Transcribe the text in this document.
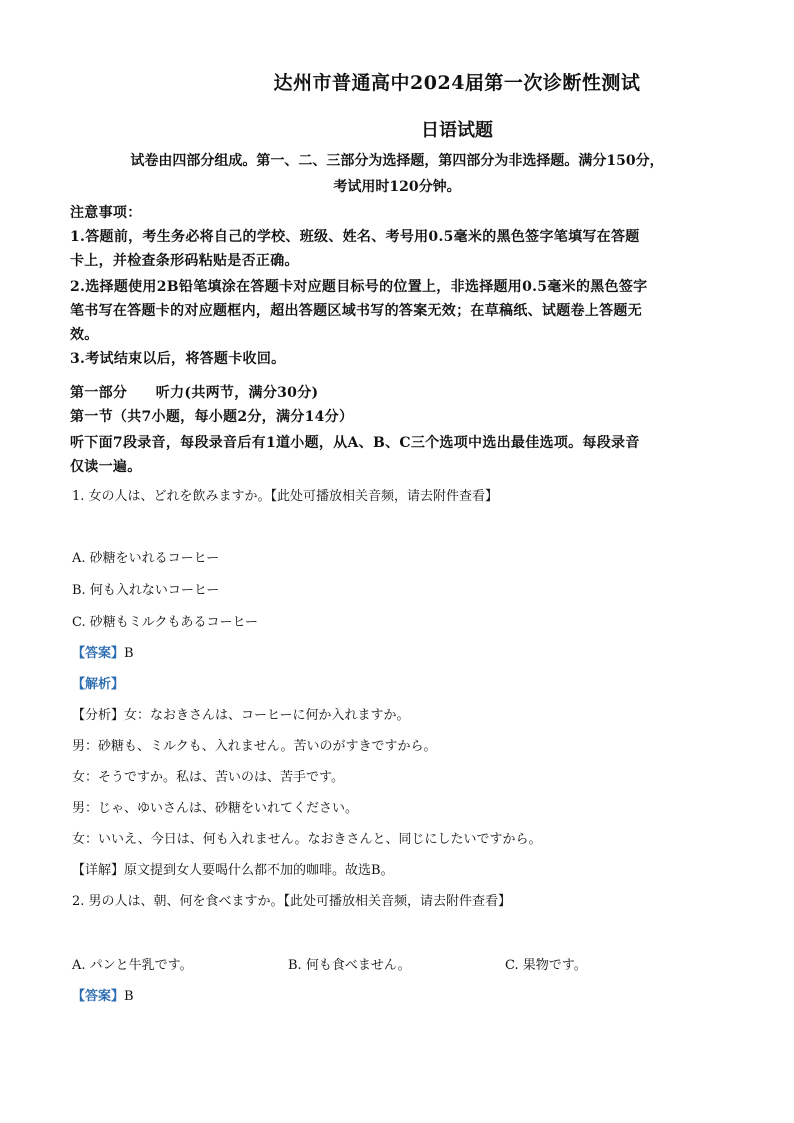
达州市普通高中2024届第一次诊断性测试
日语试题
试卷由四部分组成。第一、二、三部分为选择题，第四部分为非选择题。满分150分，
考试用时120分钟。
注意事项：
1.答题前，考生务必将自己的学校、班级、姓名、考号用0.5毫米的黑色签字笔填写在答题
卡上，并检查条形码粘贴是否正确。
2.选择题使用2B铅笔填涂在答题卡对应题目标号的位置上，非选择题用0.5毫米的黑色签字
笔书写在答题卡的对应题框内，超出答题区域书写的答案无效；在草稿纸、试题卷上答题无
效。
3.考试结束以后，将答题卡收回。
第一部分　　听力(共两节，满分30分)
第一节（共7小题，每小题2分，满分14分）
听下面7段录音，每段录音后有1道小题，从A、B、C三个选项中选出最佳选项。每段录音
仅读一遍。
1. 女の人は、どれを飲みますか。【此处可播放相关音频，请去附件查看】
A. 砂糖をいれるコーヒー
B. 何も入れないコーヒー
C. 砂糖もミルクもあるコーヒー
【答案】B
【解析】
【分析】女：なおきさんは、コーヒーに何か入れますか。
男：砂糖も、ミルクも、入れません。苦いのがすきですから。
女：そうですか。私は、苦いのは、苦手です。
男：じゃ、ゆいさんは、砂糖をいれてください。
女：いいえ、今日は、何も入れません。なおきさんと、同じにしたいですから。
【详解】原文提到女人要喝什么都不加的咖啡。故选B。
2. 男の人は、朝、何を食べますか。【此处可播放相关音频，请去附件查看】
A. パンと牛乳です。	B. 何も食べません。	C. 果物です。
【答案】B
